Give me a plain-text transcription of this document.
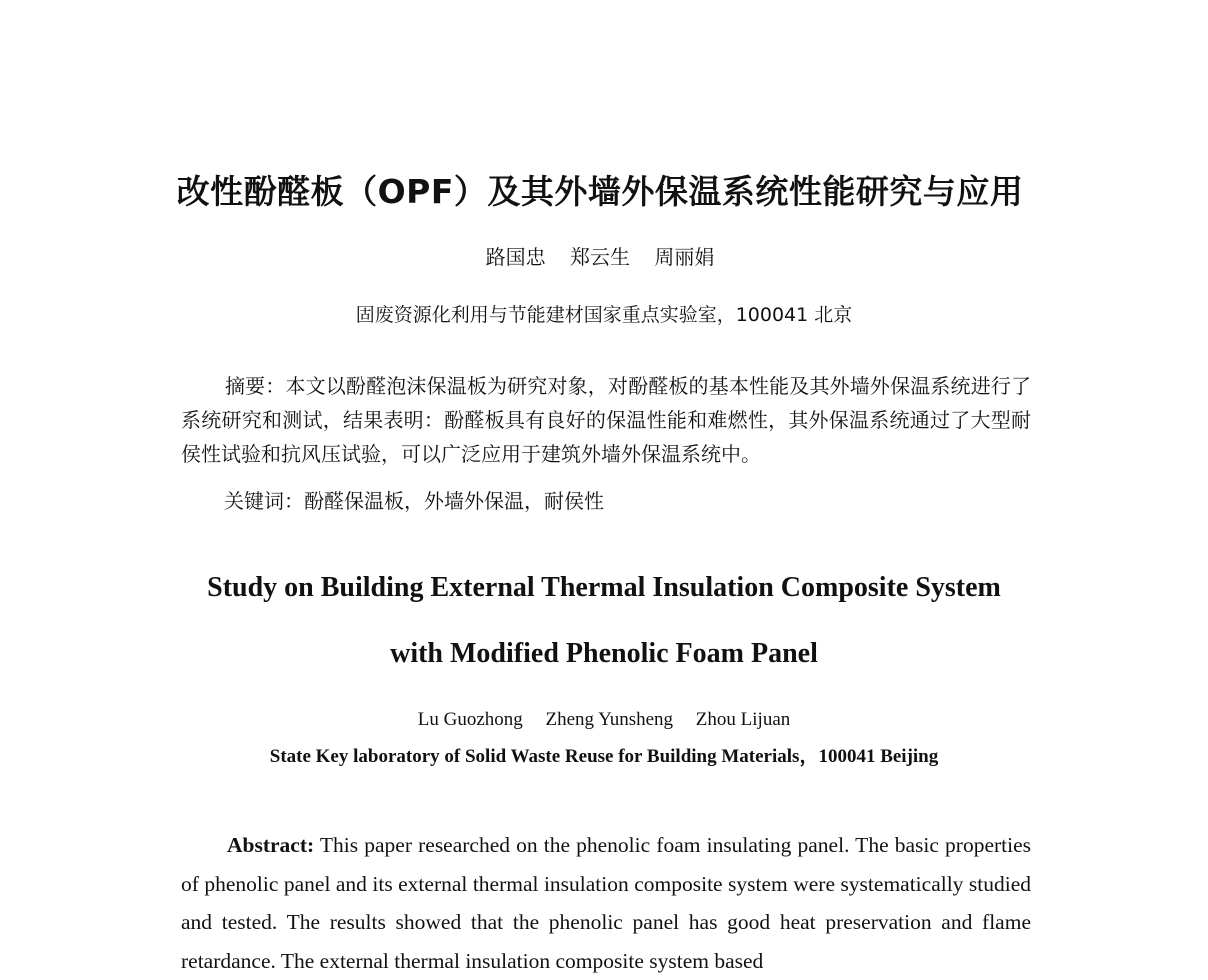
改性酚醛板（OPF）及其外墙外保温系统性能研究与应用
路国忠 郑云生 周丽娟
固废资源化利用与节能建材国家重点实验室，100041 北京

摘要：本文以酚醛泡沫保温板为研究对象，对酚醛板的基本性能及其外墙外保温系统进行了系统研究和测试，结果表明：酚醛板具有良好的保温性能和难燃性，其外保温系统通过了大型耐侯性试验和抗风压试验，可以广泛应用于建筑外墙外保温系统中。

关键词：酚醛保温板，外墙外保温，耐侯性
Study on Building External Thermal Insulation Composite System
with Modified Phenolic Foam Panel
Lu Guozhong Zheng Yunsheng Zhou Lijuan
State Key laboratory of Solid Waste Reuse for Building Materials，100041 Beijing

Abstract: This paper researched on the phenolic foam insulating panel. The basic properties of phenolic panel and its external thermal insulation composite system were systematically studied and tested. The results showed that the phenolic panel has good heat preservation and flame retardance. The external thermal insulation composite system based
